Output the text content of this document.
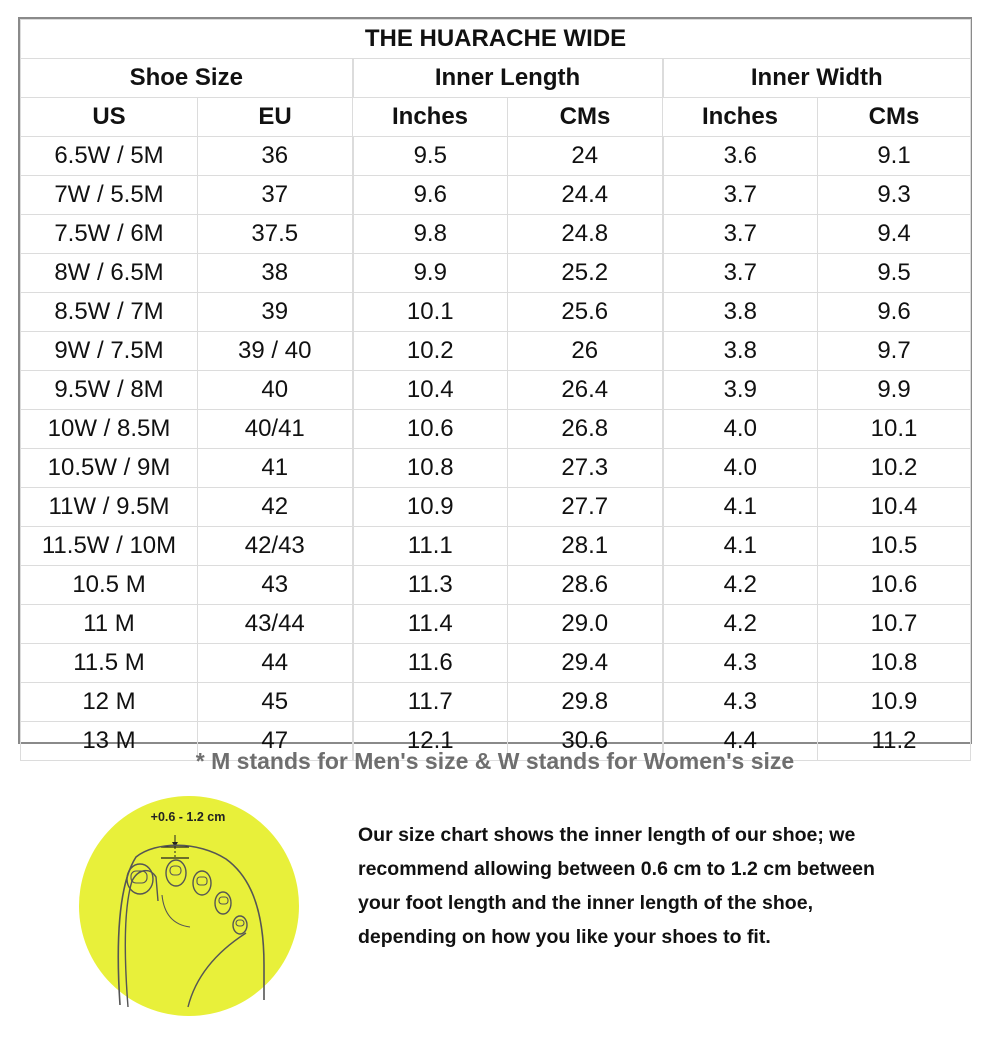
THE HUARACHE WIDE					
Shoe Size		Inner Length		Inner Width	
US	EU	Inches	CMs	Inches	CMs
6.5W / 5M	36	9.5	24	3.6	9.1
7W / 5.5M	37	9.6	24.4	3.7	9.3
7.5W / 6M	37.5	9.8	24.8	3.7	9.4
8W / 6.5M	38	9.9	25.2	3.7	9.5
8.5W / 7M	39	10.1	25.6	3.8	9.6
9W / 7.5M	39 / 40	10.2	26	3.8	9.7
9.5W / 8M	40	10.4	26.4	3.9	9.9
10W / 8.5M	40/41	10.6	26.8	4.0	10.1
10.5W / 9M	41	10.8	27.3	4.0	10.2
11W / 9.5M	42	10.9	27.7	4.1	10.4
11.5W / 10M	42/43	11.1	28.1	4.1	10.5
10.5 M	43	11.3	28.6	4.2	10.6
11 M	43/44	11.4	29.0	4.2	10.7
11.5 M	44	11.6	29.4	4.3	10.8
12 M	45	11.7	29.8	4.3	10.9
13 M	47	12.1	30.6	4.4	11.2
* M stands for Men's size & W stands for Women's size
+0.6 - 1.2 cm
Our size chart shows the inner length of our shoe; we
recommend allowing between 0.6 cm to 1.2 cm between
your foot length and the inner length of the shoe,
depending on how you like your shoes to fit.
